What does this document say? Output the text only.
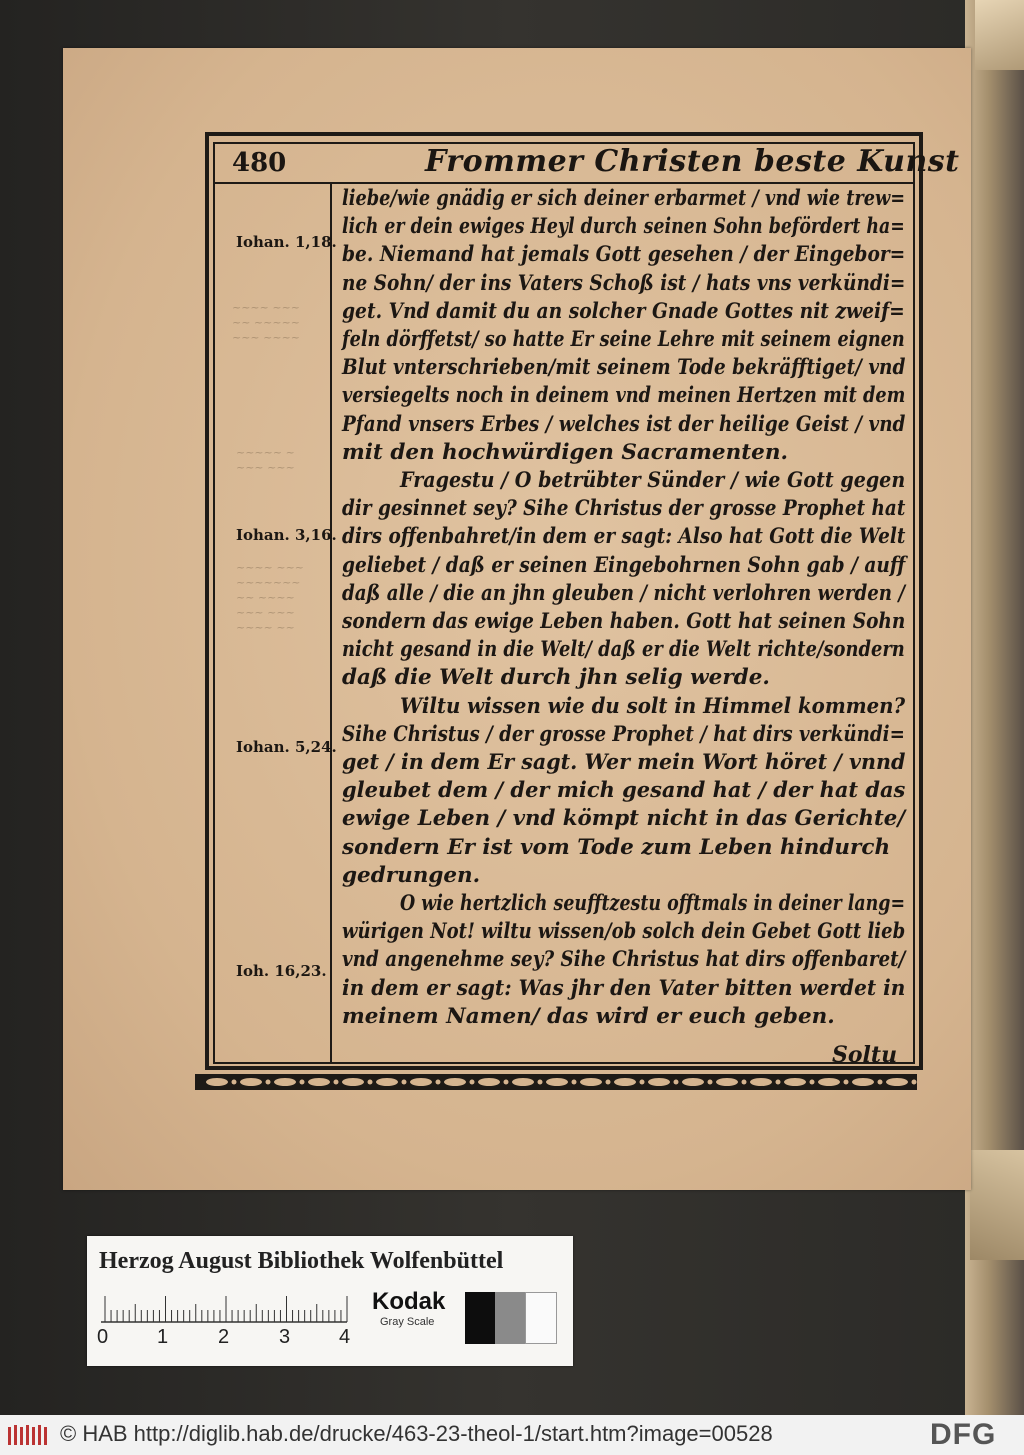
480	Frommer Christen beste Kunst
~~~~ ~~~
~~ ~~~~~
~~~ ~~~~
~~~~~ ~
~~~ ~~~
~~~~ ~~~
~~~~~~~
~~ ~~~~
~~~ ~~~
~~~~ ~~
Iohan. 1,18.
Iohan. 3,16.
Iohan. 5,24.
Ioh. 16,23.
liebe/wie gnädig er sich deiner erbarmet / vnd wie trew=
lich er dein ewiges Heyl durch seinen Sohn befördert ha=
be. Niemand hat jemals Gott gesehen / der Eingebor=
ne Sohn/ der ins Vaters Schoß ist / hats vns verkündi=
get. Vnd damit du an solcher Gnade Gottes nit zweif=
feln dörffetst/ so hatte Er seine Lehre mit seinem eignen
Blut vnterschrieben/mit seinem Tode bekräfftiget/ vnd
versiegelts noch in deinem vnd meinen Hertzen mit dem
Pfand vnsers Erbes / welches ist der heilige Geist / vnd
mit den hochwürdigen Sacramenten.
Fragestu / O betrübter Sünder / wie Gott gegen
dir gesinnet sey? Sihe Christus der grosse Prophet hat
dirs offenbahret/in dem er sagt: Also hat Gott die Welt
geliebet / daß er seinen Eingebohrnen Sohn gab / auff
daß alle / die an jhn gleuben / nicht verlohren werden /
sondern das ewige Leben haben. Gott hat seinen Sohn
nicht gesand in die Welt/ daß er die Welt richte/sondern
daß die Welt durch jhn selig werde.
Wiltu wissen wie du solt in Himmel kommen?
Sihe Christus / der grosse Prophet / hat dirs verkündi=
get / in dem Er sagt. Wer mein Wort höret / vnnd
gleubet dem / der mich gesand hat / der hat das
ewige Leben / vnd kömpt nicht in das Gerichte/
sondern Er ist vom Tode zum Leben hindurch
gedrungen.
O wie hertzlich seufftzestu offtmals in deiner lang=
würigen Not! wiltu wissen/ob solch dein Gebet Gott lieb
vnd angenehme sey? Sihe Christus hat dirs offenbaret/
in dem er sagt: Was jhr den Vater bitten werdet in
meinem Namen/ das wird er euch geben.
Soltu
Herzog August Bibliothek Wolfenbüttel
0 1 2 3 4
Kodak
Gray Scale
© HAB http://diglib.hab.de/drucke/463-23-theol-1/start.htm?image=00528	DFG
